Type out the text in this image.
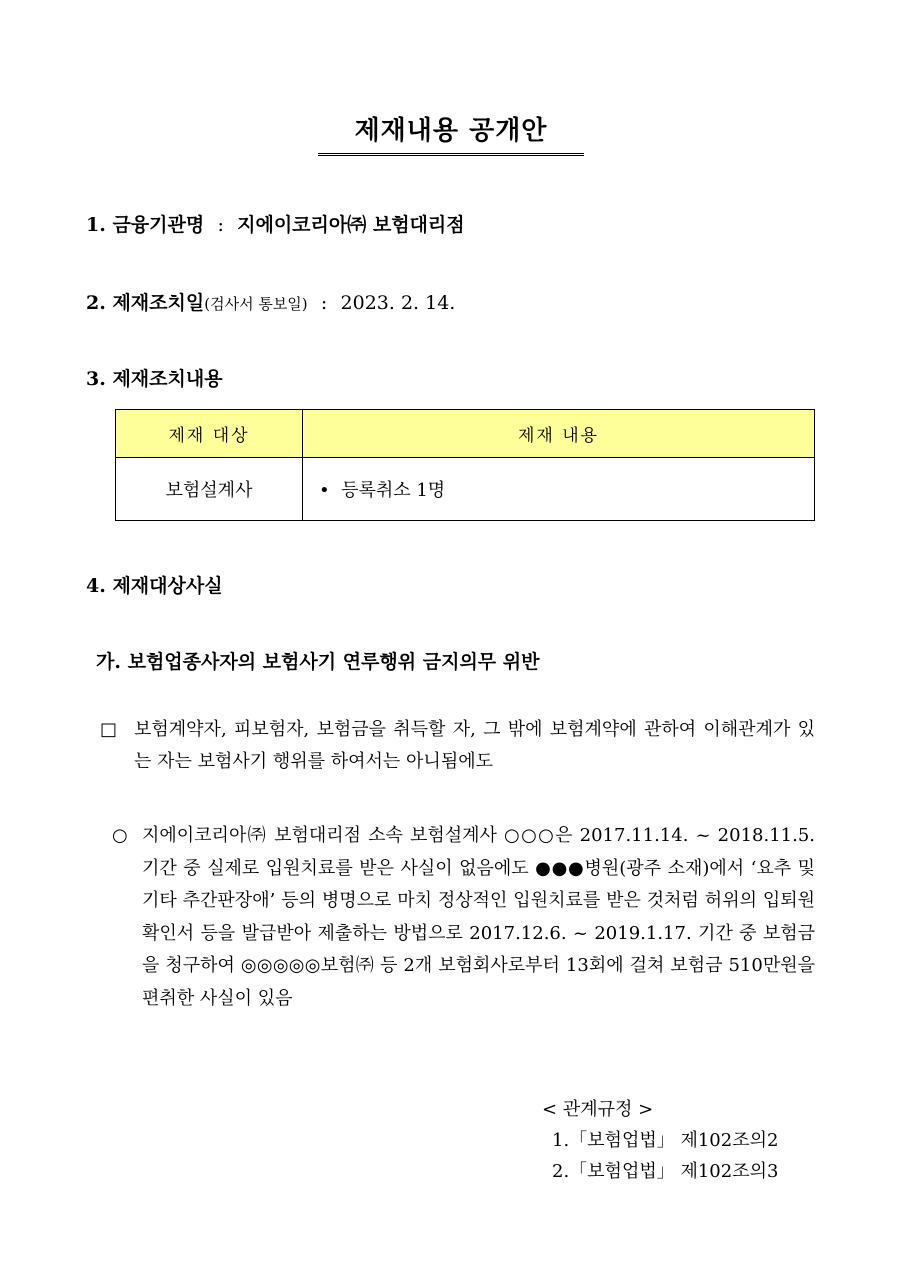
제재내용 공개안
1. 금융기관명 : 지에이코리아㈜ 보험대리점
2. 제재조치일(검사서 통보일) : 2023. 2. 14.
3. 제재조치내용
제재 대상	제재 내용
보험설계사	• 등록취소 1명
4. 제재대상사실
가. 보험업종사자의 보험사기 연루행위 금지의무 위반
□ 보험계약자, 피보험자, 보험금을 취득할 자, 그 밖에 보험계약에 관하여 이해관계가 있는 자는 보험사기 행위를 하여서는 아니됨에도
○ 지에이코리아㈜ 보험대리점 소속 보험설계사 ○○○은 2017.11.14. ~ 2018.11.5. 기간 중 실제로 입원치료를 받은 사실이 없음에도 ●●●병원(광주 소재)에서 ‘요추 및 기타 추간판장애’ 등의 병명으로 마치 정상적인 입원치료를 받은 것처럼 허위의 입퇴원확인서 등을 발급받아 제출하는 방법으로 2017.12.6. ~ 2019.1.17. 기간 중 보험금을 청구하여 ◎◎◎◎◎보험㈜ 등 2개 보험회사로부터 13회에 걸쳐 보험금 510만원을 편취한 사실이 있음
< 관계규정 >
1.「보험업법」 제102조의2
2.「보험업법」 제102조의3
